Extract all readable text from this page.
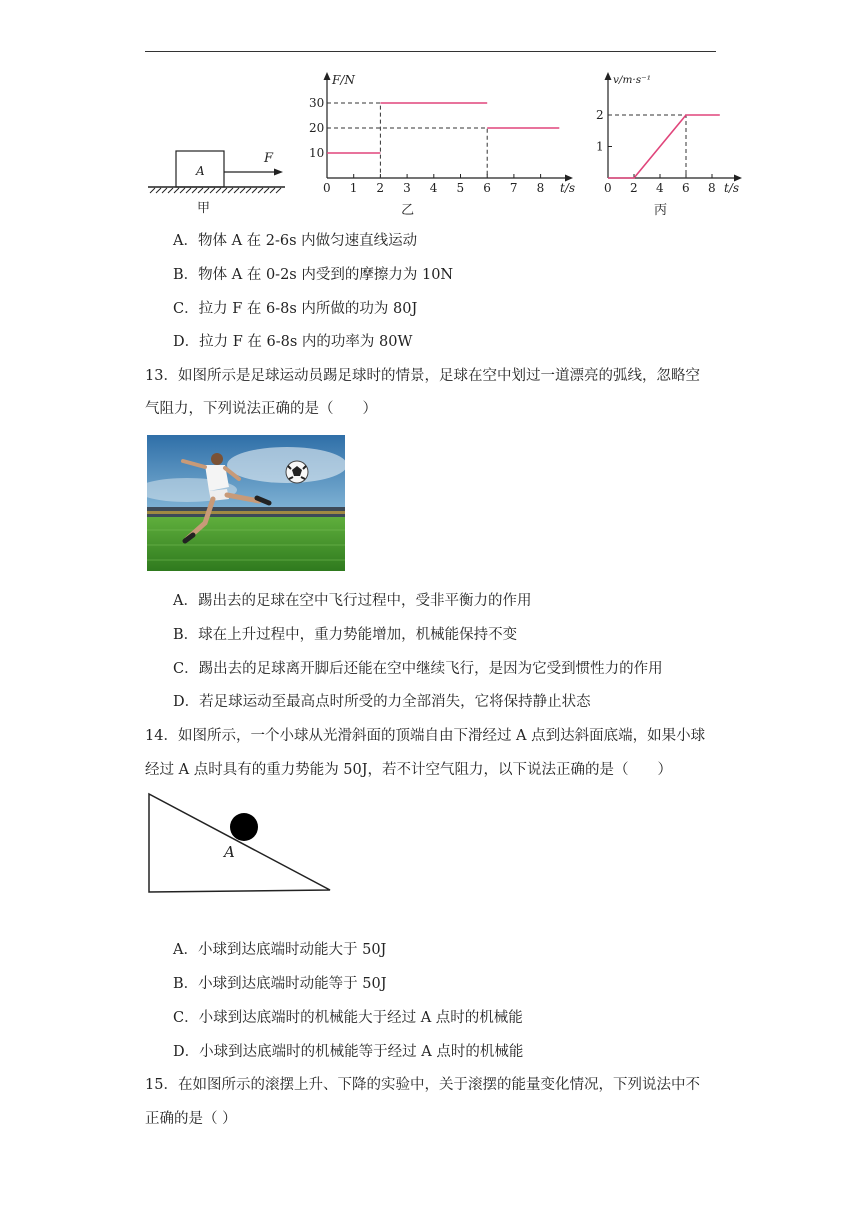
A
F
甲
F/N
t/s
0 1 2 3 4 5 6 7 8
10
20
30
乙
v/m·s⁻¹
t/s
0 2 4 6 8
1
2
丙
A．物体 A 在 2-6s 内做匀速直线运动
B．物体 A 在 0-2s 内受到的摩擦力为 10N
C．拉力 F 在 6-8s 内所做的功为 80J
D．拉力 F 在 6-8s 内的功率为 80W
13．如图所示是足球运动员踢足球时的情景，足球在空中划过一道漂亮的弧线，忽略空
气阻力，下列说法正确的是（　　）
A．踢出去的足球在空中飞行过程中，受非平衡力的作用
B．球在上升过程中，重力势能增加，机械能保持不变
C．踢出去的足球离开脚后还能在空中继续飞行，是因为它受到惯性力的作用
D．若足球运动至最高点时所受的力全部消失，它将保持静止状态
14．如图所示，一个小球从光滑斜面的顶端自由下滑经过 A 点到达斜面底端，如果小球
经过 A 点时具有的重力势能为 50J，若不计空气阻力，以下说法正确的是（　　）
A
A．小球到达底端时动能大于 50J
B．小球到达底端时动能等于 50J
C．小球到达底端时的机械能大于经过 A 点时的机械能
D．小球到达底端时的机械能等于经过 A 点时的机械能
15．在如图所示的滚摆上升、下降的实验中，关于滚摆的能量变化情况，下列说法中不
正确的是（ ）
